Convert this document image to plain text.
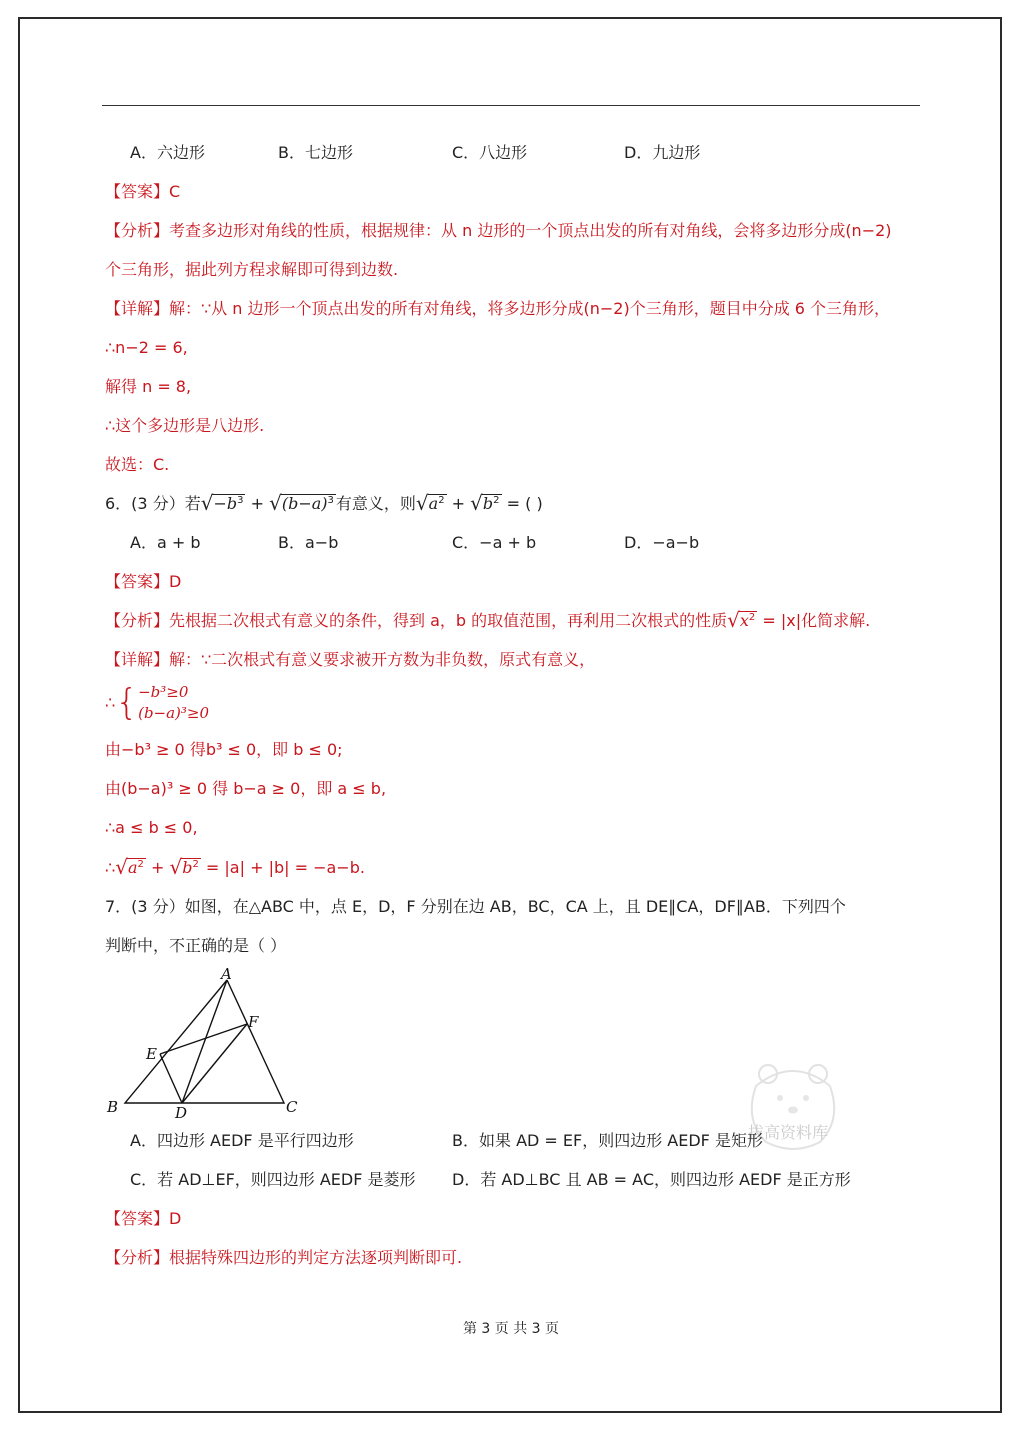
A．六边形	B．七边形	C．八边形	D．九边形
【答案】C
【分析】考查多边形对角线的性质，根据规律：从 n 边形的一个顶点出发的所有对角线，会将多边形分成(n−2)
个三角形，据此列方程求解即可得到边数.
【详解】解：∵从 n 边形一个顶点出发的所有对角线，将多边形分成(n−2)个三角形，题目中分成 6 个三角形，
∴n−2 = 6,
解得 n = 8,
∴这个多边形是八边形.
故选：C.
6．(3 分）若$√-b^3 + √(b-a)^3$ 有意义，则$√a^2 + √b^2$ = ( )
A．a + b	B．a−b	C．−a + b	D．−a−b
【答案】D
【分析】先根据二次根式有意义的条件，得到 a，b 的取值范围，再利用二次根式的性质$√x^2 = |x|$化简求解.
【详解】解：∵二次根式有意义要求被开方数为非负数，原式有意义，
∴{ −b³≥0
(b−a)³≥0
由−b³ ≥ 0 得b³ ≤ 0，即 b ≤ 0;
由(b−a)³ ≥ 0 得 b−a ≥ 0，即 a ≤ b,
∴a ≤ b ≤ 0,
$\therefore√a^2 + √b^2 = |a| + |b| = -a-b$.
7．(3 分）如图，在△ABC 中，点 E，D，F 分别在边 AB，BC，CA 上，且 DE∥CA，DF∥AB．下列四个
判断中，不正确的是（ ）
A
B	C
D
E
F
拔高资料库
A．四边形 AEDF 是平行四边形	B．如果 AD = EF，则四边形 AEDF 是矩形
C．若 AD⊥EF，则四边形 AEDF 是菱形 D．若 AD⊥BC 且 AB = AC，则四边形 AEDF 是正方形
【答案】D
【分析】根据特殊四边形的判定方法逐项判断即可.
第 3 页 共 3 页
